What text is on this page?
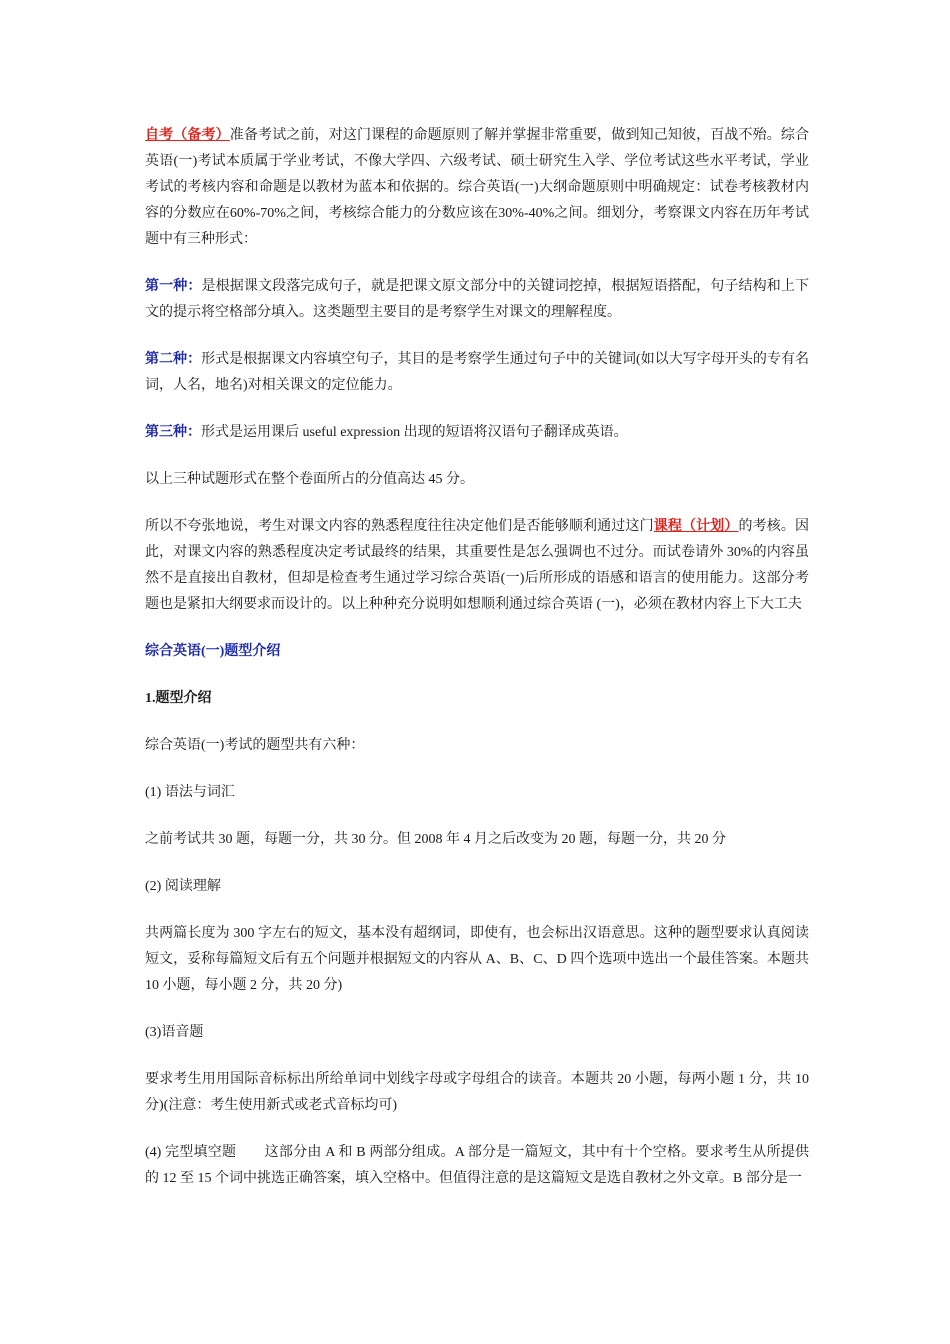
自考（备考）准备考试之前，对这门课程的命题原则了解并掌握非常重要，做到知己知彼，百战不殆。综合英语(一)考试本质属于学业考试，不像大学四、六级考试、硕士研究生入学、学位考试这些水平考试，学业考试的考核内容和命题是以教材为蓝本和依据的。综合英语(一)大纲命题原则中明确规定：试卷考核教材内容的分数应在60%-70%之间，考核综合能力的分数应该在30%-40%之间。细划分，考察课文内容在历年考试题中有三种形式：

第一种：是根据课文段落完成句子，就是把课文原文部分中的关键词挖掉，根据短语搭配，句子结构和上下文的提示将空格部分填入。这类题型主要目的是考察学生对课文的理解程度。

第二种：形式是根据课文内容填空句子，其目的是考察学生通过句子中的关键词(如以大写字母开头的专有名词，人名，地名)对相关课文的定位能力。

第三种：形式是运用课后 useful expression 出现的短语将汉语句子翻译成英语。

以上三种试题形式在整个卷面所占的分值高达 45 分。

所以不夸张地说，考生对课文内容的熟悉程度往往决定他们是否能够顺利通过这门课程（计划）的考核。因此，对课文内容的熟悉程度决定考试最终的结果，其重要性是怎么强调也不过分。而试卷请外 30%的内容虽然不是直接出自教材，但却是检查考生通过学习综合英语(一)后所形成的语感和语言的使用能力。这部分考题也是紧扣大纲要求而设计的。以上种种充分说明如想顺利通过综合英语 (一)，必须在教材内容上下大工夫

综合英语(一)题型介绍

1.题型介绍

综合英语(一)考试的题型共有六种：

(1) 语法与词汇

之前考试共 30 题，每题一分，共 30 分。但 2008 年 4 月之后改变为 20 题，每题一分，共 20 分

(2) 阅读理解

共两篇长度为 300 字左右的短文，基本没有超纲词，即使有，也会标出汉语意思。这种的题型要求认真阅读短文，妥称每篇短文后有五个问题并根据短文的内容从 A、B、C、D 四个选项中选出一个最佳答案。本题共 10 小题，每小题 2 分，共 20 分)

(3)语音题

要求考生用用国际音标标出所给单词中划线字母或字母组合的读音。本题共 20 小题，每两小题 1 分，共 10 分)(注意：考生使用新式或老式音标均可)

(4) 完型填空题　　这部分由 A 和 B 两部分组成。A 部分是一篇短文，其中有十个空格。要求考生从所提供的 12 至 15 个词中挑选正确答案，填入空格中。但值得注意的是这篇短文是选自教材之外文章。B 部分是一
